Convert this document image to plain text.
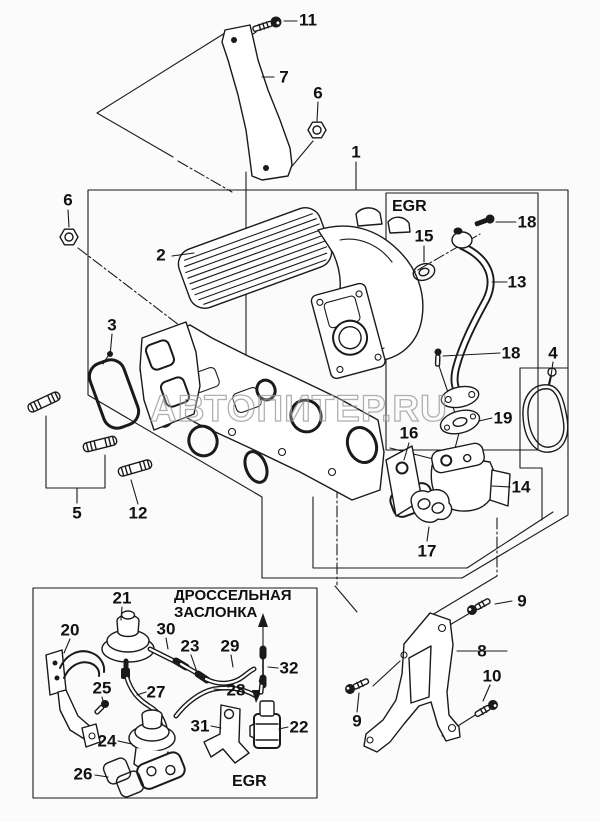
11
7
6
1
6
2
3
15
18
13
18 4
19
16
14
17
5	12
9
8
10
9
20
21
30
23 29
32
25 27	28
31	22
24
26
EGR
ДРОССЕЛЬНАЯ
ЗАСЛОНКА
EGR
АВТОПИТЕР.RU
